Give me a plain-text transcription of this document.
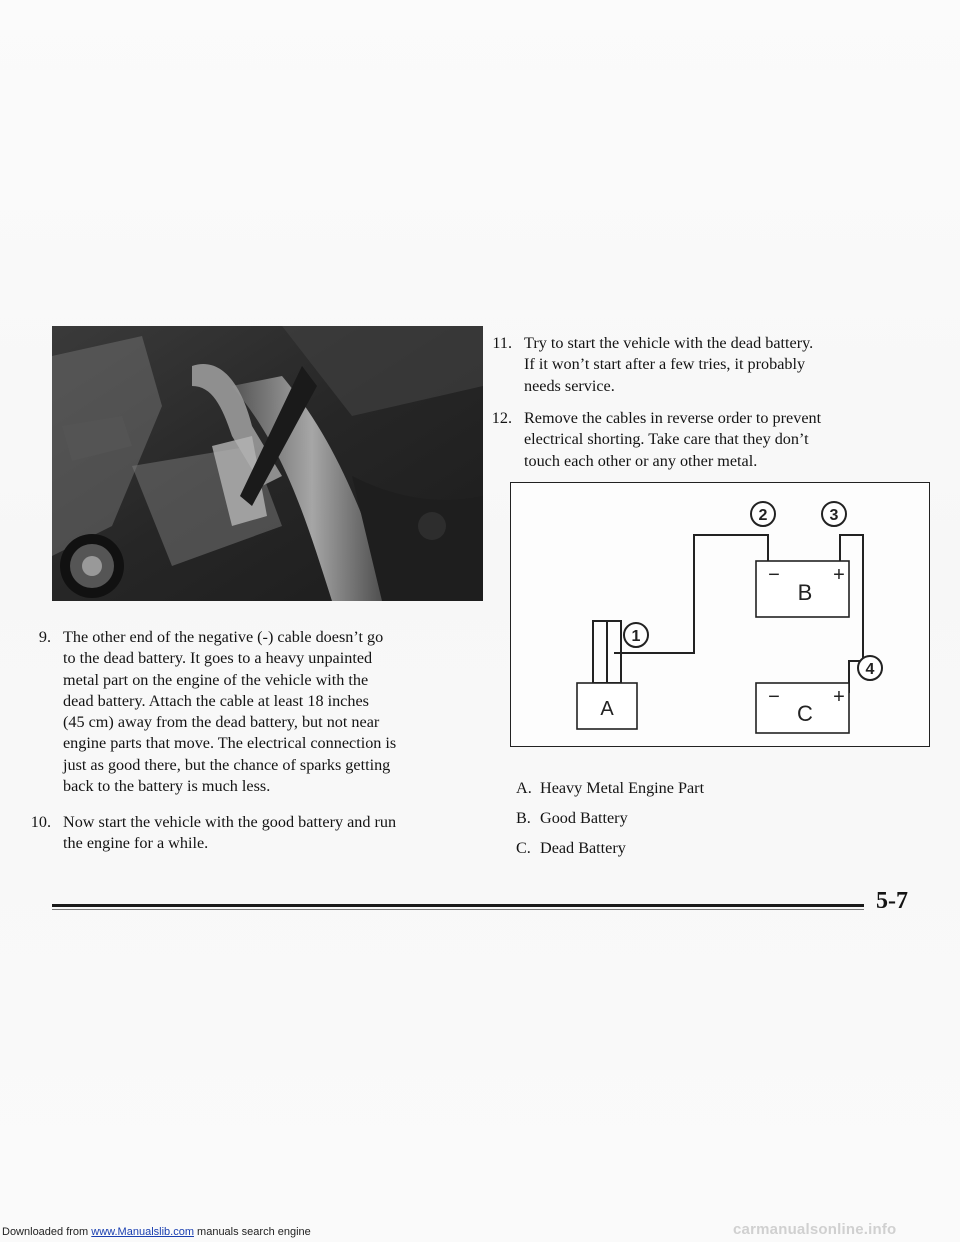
9. The other end of the negative (-) cable doesn’t go
to the dead battery. It goes to a heavy unpainted
metal part on the engine of the vehicle with the
dead battery. Attach the cable at least 18 inches
(45 cm) away from the dead battery, but not near
engine parts that move. The electrical connection is
just as good there, but the chance of sparks getting
back to the battery is much less.
10. Now start the vehicle with the good battery and run
the engine for a while.
11. Try to start the vehicle with the dead battery.
If it won’t start after a few tries, it probably
needs service.
12. Remove the cables in reverse order to prevent
electrical shorting. Take care that they don’t
touch each other or any other metal.
A
B
−	+
C
−	+
2	3
1
4
A. Heavy Metal Engine Part
B. Good Battery
C. Dead Battery
5-7
Downloaded from www.Manualslib.com manuals search engine	carmanualsonline.info
